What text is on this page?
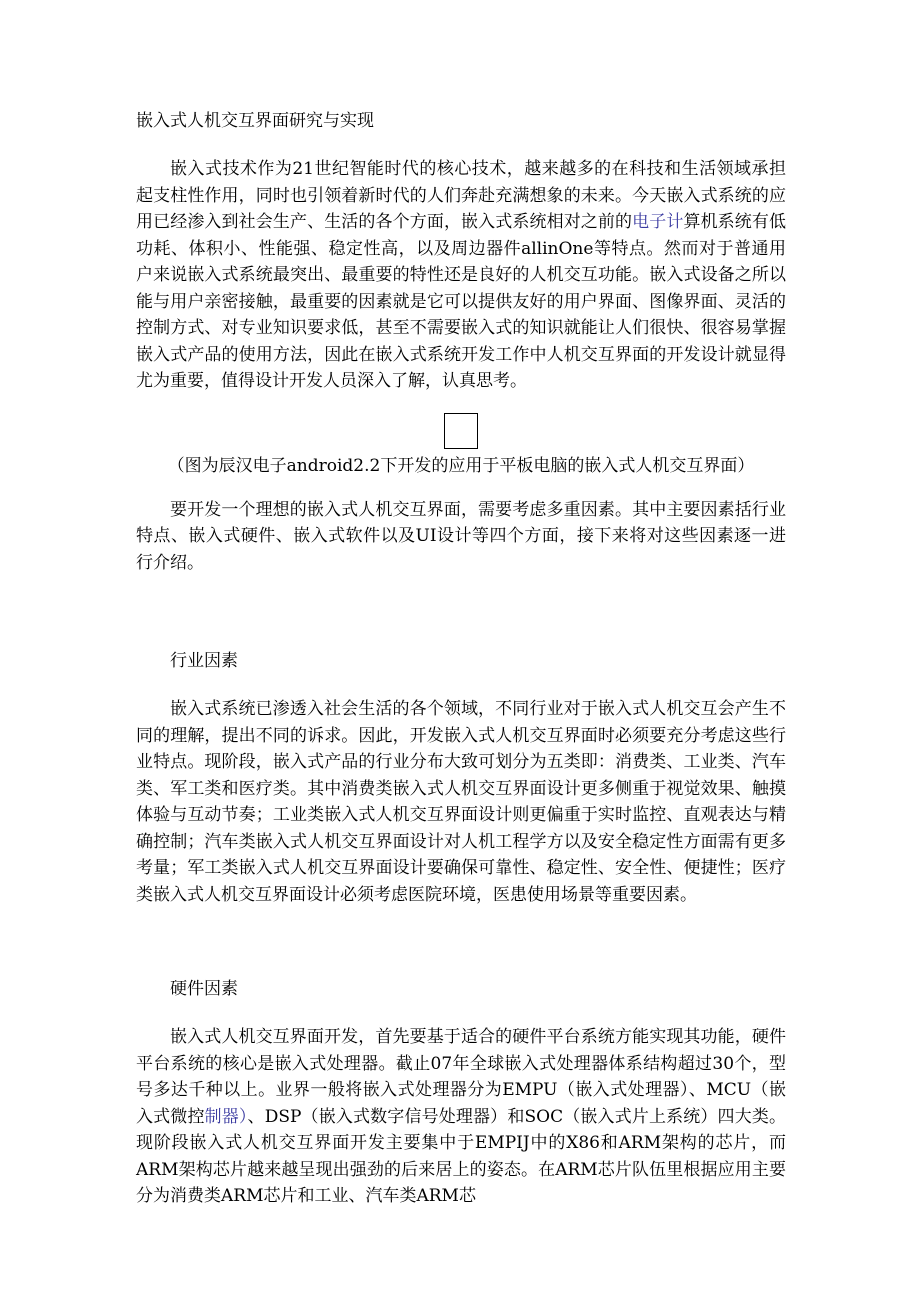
嵌入式人机交互界面研究与实现

嵌入式技术作为21世纪智能时代的核心技术，越来越多的在科技和生活领域承担起支柱性作用，同时也引领着新时代的人们奔赴充满想象的未来。今天嵌入式系统的应用已经渗入到社会生产、生活的各个方面，嵌入式系统相对之前的电子计算机系统有低功耗、体积小、性能强、稳定性高，以及周边器件allinOne等特点。然而对于普通用户来说嵌入式系统最突出、最重要的特性还是良好的人机交互功能。嵌入式设备之所以能与用户亲密接触，最重要的因素就是它可以提供友好的用户界面、图像界面、灵活的控制方式、对专业知识要求低，甚至不需要嵌入式的知识就能让人们很快、很容易掌握嵌入式产品的使用方法，因此在嵌入式系统开发工作中人机交互界面的开发设计就显得尤为重要，值得设计开发人员深入了解，认真思考。

（图为辰汉电子android2.2下开发的应用于平板电脑的嵌入式人机交互界面）

要开发一个理想的嵌入式人机交互界面，需要考虑多重因素。其中主要因素括行业特点、嵌入式硬件、嵌入式软件以及UI设计等四个方面，接下来将对这些因素逐一进行介绍。

行业因素

嵌入式系统已渗透入社会生活的各个领域，不同行业对于嵌入式人机交互会产生不同的理解，提出不同的诉求。因此，开发嵌入式人机交互界面时必须要充分考虑这些行业特点。现阶段，嵌入式产品的行业分布大致可划分为五类即：消费类、工业类、汽车类、军工类和医疗类。其中消费类嵌入式人机交互界面设计更多侧重于视觉效果、触摸体验与互动节奏；工业类嵌入式人机交互界面设计则更偏重于实时监控、直观表达与精确控制；汽车类嵌入式人机交互界面设计对人机工程学方以及安全稳定性方面需有更多考量；军工类嵌入式人机交互界面设计要确保可靠性、稳定性、安全性、便捷性；医疗类嵌入式人机交互界面设计必须考虑医院环境，医患使用场景等重要因素。

硬件因素

嵌入式人机交互界面开发，首先要基于适合的硬件平台系统方能实现其功能，硬件平台系统的核心是嵌入式处理器。截止07年全球嵌入式处理器体系结构超过30个，型号多达千种以上。业界一般将嵌入式处理器分为EMPU（嵌入式处理器）、MCU（嵌入式微控制器）、DSP（嵌入式数字信号处理器）和SOC（嵌入式片上系统）四大类。现阶段嵌入式人机交互界面开发主要集中于EMPIJ中的X86和ARM架构的芯片，而ARM架构芯片越来越呈现出强劲的后来居上的姿态。在ARM芯片队伍里根据应用主要分为消费类ARM芯片和工业、汽车类ARM芯
